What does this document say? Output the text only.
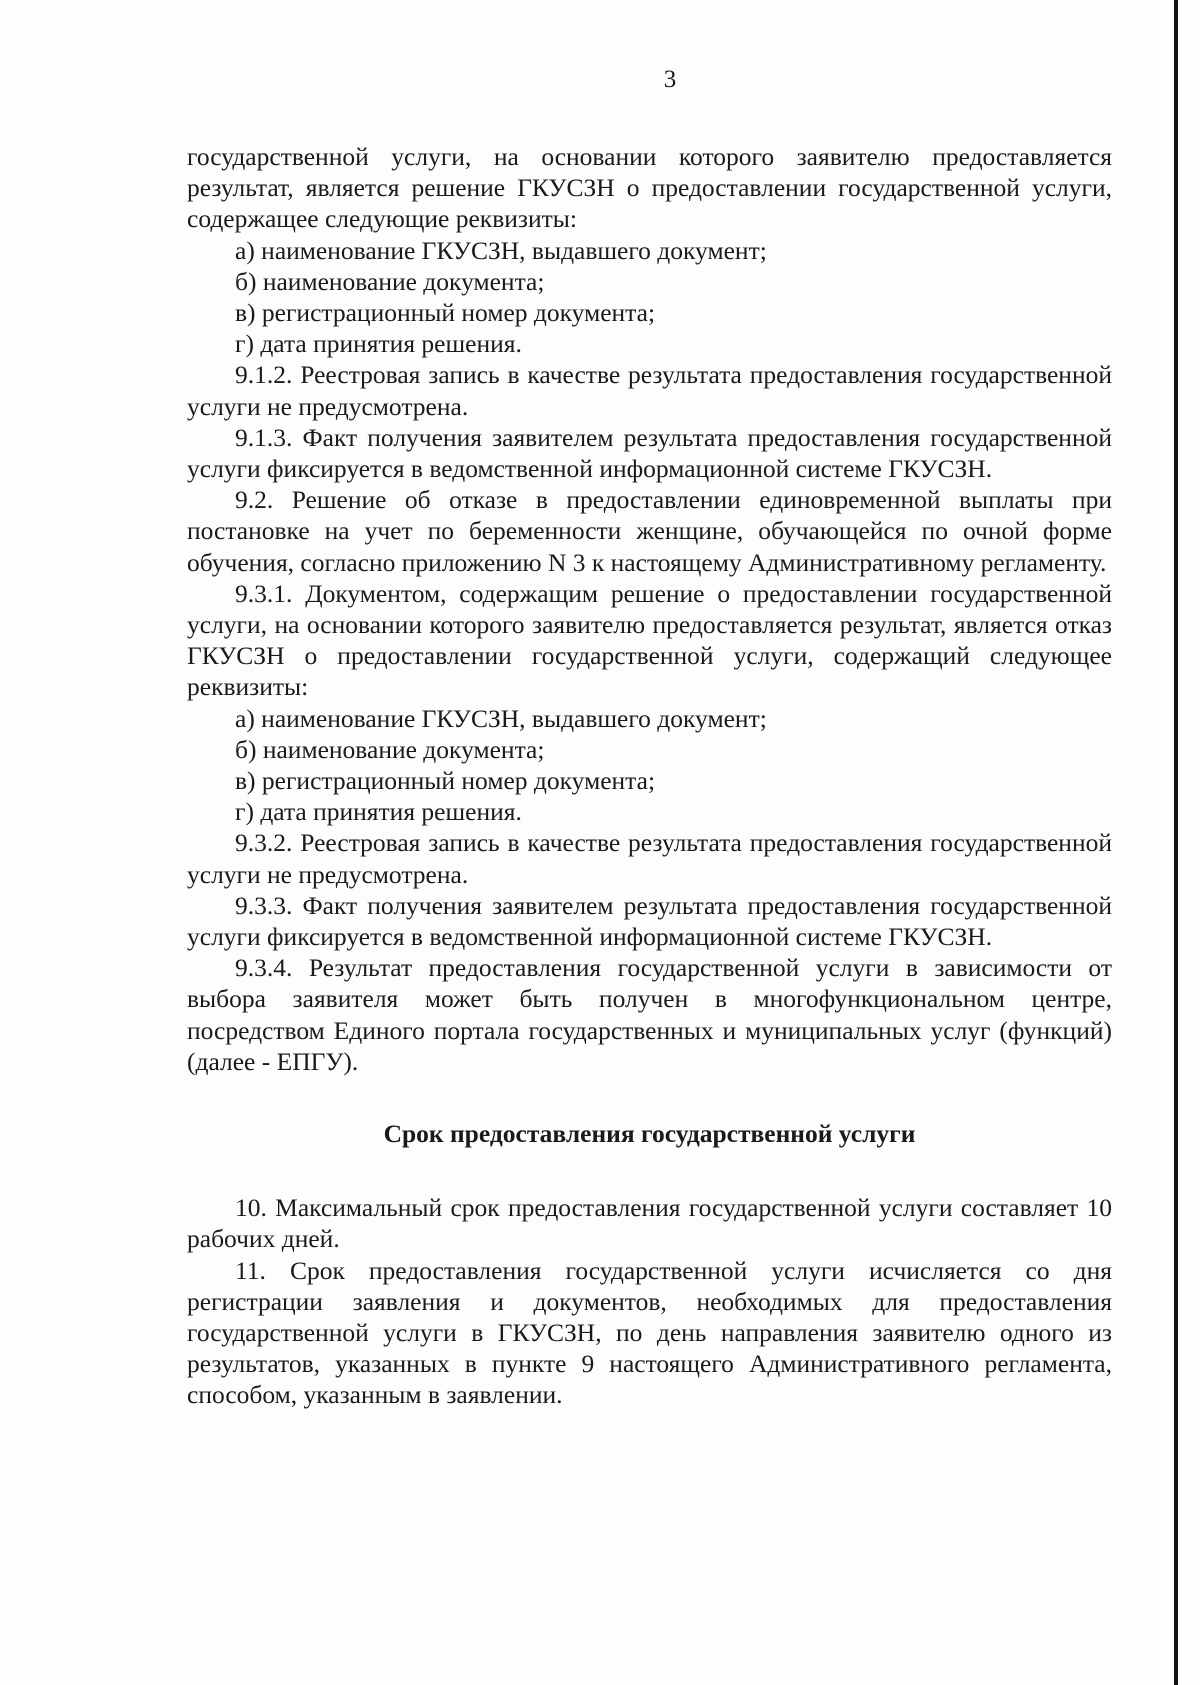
3

государственной услуги, на основании которого заявителю предоставляется результат, является решение ГКУСЗН о предоставлении государственной услуги, содержащее следующие реквизиты:

а) наименование ГКУСЗН, выдавшего документ;

б) наименование документа;

в) регистрационный номер документа;

г) дата принятия решения.

9.1.2. Реестровая запись в качестве результата предоставления государственной услуги не предусмотрена.

9.1.3. Факт получения заявителем результата предоставления государственной услуги фиксируется в ведомственной информационной системе ГКУСЗН.

9.2. Решение об отказе в предоставлении единовременной выплаты при постановке на учет по беременности женщине, обучающейся по очной форме обучения, согласно приложению N 3 к настоящему Административному регламенту.

9.3.1. Документом, содержащим решение о предоставлении государственной услуги, на основании которого заявителю предоставляется результат, является отказ ГКУСЗН о предоставлении государственной услуги, содержащий следующее реквизиты:

а) наименование ГКУСЗН, выдавшего документ;

б) наименование документа;

в) регистрационный номер документа;

г) дата принятия решения.

9.3.2. Реестровая запись в качестве результата предоставления государственной услуги не предусмотрена.

9.3.3. Факт получения заявителем результата предоставления государственной услуги фиксируется в ведомственной информационной системе ГКУСЗН.

9.3.4. Результат предоставления государственной услуги в зависимости от выбора заявителя может быть получен в многофункциональном центре, посредством Единого портала государственных и муниципальных услуг (функций) (далее - ЕПГУ).

Срок предоставления государственной услуги

10. Максимальный срок предоставления государственной услуги составляет 10 рабочих дней.

11. Срок предоставления государственной услуги исчисляется со дня регистрации заявления и документов, необходимых для предоставления государственной услуги в ГКУСЗН, по день направления заявителю одного из результатов, указанных в пункте 9 настоящего Административного регламента, способом, указанным в заявлении.
